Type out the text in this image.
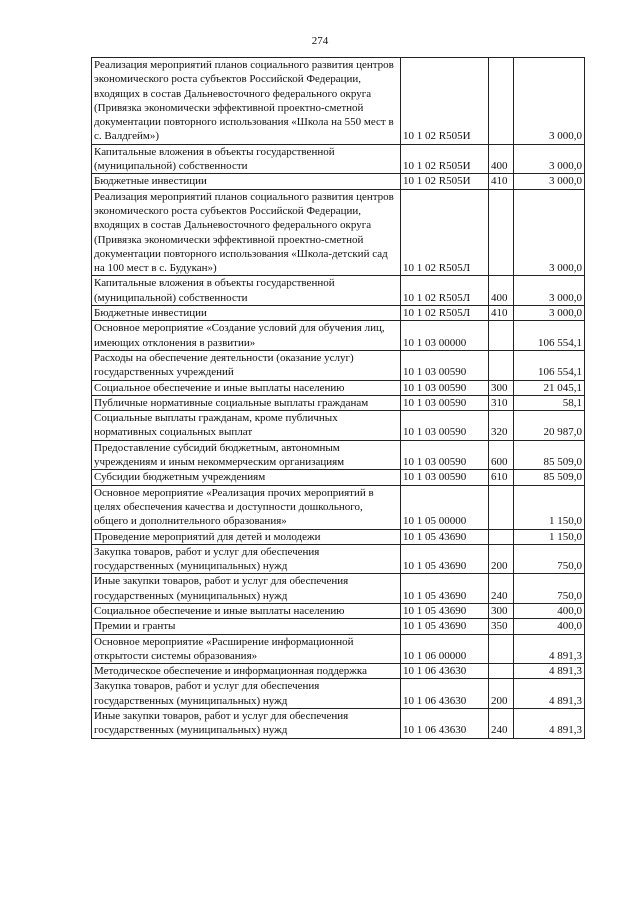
274
Реализация мероприятий планов социального развития центров экономического роста субъектов Российской Федерации, входящих в состав Дальневосточного федерального округа (Привязка экономически эффективной проектно-сметной документации повторного использования «Школа на 550 мест в с. Валдгейм»)	10 1 02 R505И		3 000,0
Капитальные вложения в объекты государственной (муниципальной) собственности	10 1 02 R505И	400	3 000,0
Бюджетные инвестиции	10 1 02 R505И	410	3 000,0
Реализация мероприятий планов социального развития центров экономического роста субъектов Российской Федерации, входящих в состав Дальневосточного федерального округа (Привязка экономически эффективной проектно-сметной документации повторного использования «Школа-детский сад на 100 мест в с. Будукан»)	10 1 02 R505Л		3 000,0
Капитальные вложения в объекты государственной (муниципальной) собственности	10 1 02 R505Л	400	3 000,0
Бюджетные инвестиции	10 1 02 R505Л	410	3 000,0
Основное мероприятие «Создание условий для обучения лиц, имеющих отклонения в развитии»	10 1 03 00000		106 554,1
Расходы на обеспечение деятельности (оказание услуг) государственных учреждений	10 1 03 00590		106 554,1
Социальное обеспечение и иные выплаты населению	10 1 03 00590	300	21 045,1
Публичные нормативные социальные выплаты гражданам	10 1 03 00590	310	58,1
Социальные выплаты гражданам, кроме публичных нормативных социальных выплат	10 1 03 00590	320	20 987,0
Предоставление субсидий бюджетным, автономным учреждениям и иным некоммерческим организациям	10 1 03 00590	600	85 509,0
Субсидии бюджетным учреждениям	10 1 03 00590	610	85 509,0
Основное мероприятие «Реализация прочих мероприятий в целях обеспечения качества и доступности дошкольного, общего и дополнительного образования»	10 1 05 00000		1 150,0
Проведение мероприятий для детей и молодежи	10 1 05 43690		1 150,0
Закупка товаров, работ и услуг для обеспечения государственных (муниципальных) нужд	10 1 05 43690	200	750,0
Иные закупки товаров, работ и услуг для обеспечения государственных (муниципальных) нужд	10 1 05 43690	240	750,0
Социальное обеспечение и иные выплаты населению	10 1 05 43690	300	400,0
Премии и гранты	10 1 05 43690	350	400,0
Основное мероприятие «Расширение информационной открытости системы образования»	10 1 06 00000		4 891,3
Методическое обеспечение и информационная поддержка	10 1 06 43630		4 891,3
Закупка товаров, работ и услуг для обеспечения государственных (муниципальных) нужд	10 1 06 43630	200	4 891,3
Иные закупки товаров, работ и услуг для обеспечения государственных (муниципальных) нужд	10 1 06 43630	240	4 891,3
